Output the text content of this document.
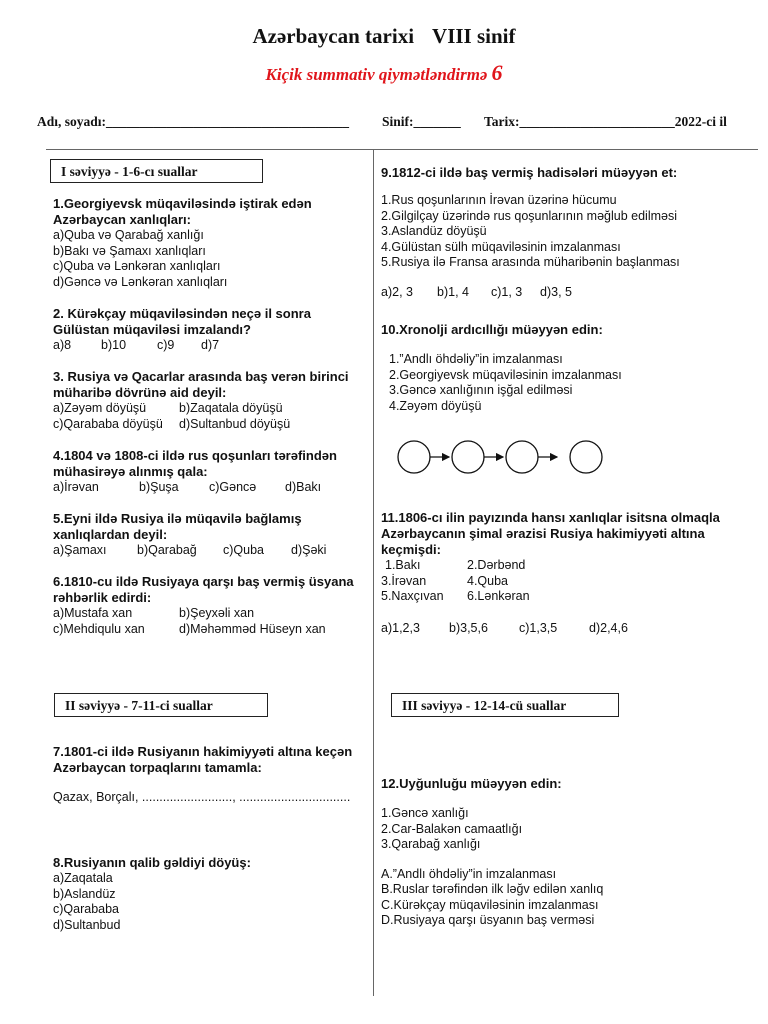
Azərbaycan tarixi VIII sinif
Kiçik summativ qiymətləndirmə 6
Adı, soyadı:____________________________________ Sinif:_______ Tarix:_______________________2022-ci il
I səviyyə - 1-6-cı suallar
II səviyyə - 7-11-ci suallar	III səviyyə - 12-14-cü suallar
1.Georgiyevsk müqaviləsində iştirak edən Azərbaycan xanlıqları:
a)Quba və Qarabağ xanlığı
b)Bakı və Şamaxı xanlıqları
c)Quba və Lənkəran xanlıqları
d)Gəncə və Lənkəran xanlıqları
2. Kürəkçay müqaviləsindən neçə il sonra Gülüstan müqaviləsi imzalandı?
a)8 b)10 c)9 d)7
3. Rusiya və Qacarlar arasında baş verən birinci müharibə dövrünə aid deyil:
a)Zəyəm döyüşü	b)Zaqatala döyüşü
c)Qarababa döyüşü	d)Sultanbud döyüşü
4.1804 və 1808-ci ildə rus qoşunları tərəfindən mühasirəyə alınmış qala:
a)İrəvan	b)Şuşa c)Gəncə d)Bakı
5.Eyni ildə Rusiya ilə müqavilə bağlamış xanlıqlardan deyil:
a)Şamaxı b)Qarabağ c)Quba d)Şəki
6.1810-cu ildə Rusiyaya qarşı baş vermiş üsyana rəhbərlik edirdi:
a)Mustafa xan	b)Şeyxəli xan
c)Mehdiqulu xan	d)Məhəmməd Hüseyn xan
7.1801-ci ildə Rusiyanın hakimiyyəti altına keçən Azərbaycan torpaqlarını tamamla:
Qazax, Borçalı, .........................., ................................
8.Rusiyanın qalib gəldiyi döyüş:
a)Zaqatala
b)Aslandüz
c)Qarababa
d)Sultanbud
9.1812-ci ildə baş vermiş hadisələri müəyyən et:
1.Rus qoşunlarının İrəvan üzərinə hücumu
2.Gilgilçay üzərində rus qoşunlarının məğlub edilməsi
3.Aslandüz döyüşü
4.Gülüstan sülh müqaviləsinin imzalanması
5.Rusiya ilə Fransa arasında müharibənin başlanması
a)2, 3 b)1, 4 c)1, 3 d)3, 5
10.Xronolji ardıcıllığı müəyyən edin:
1.”Andlı öhdəliy”in imzalanması
2.Georgiyevsk müqaviləsinin imzalanması
3.Gəncə xanlığının işğal edilməsi
4.Zəyəm döyüşü
11.1806-cı ilin payızında hansı xanlıqlar isitsna olmaqla Azərbaycanın şimal ərazisi Rusiya hakimiyyəti altına keçmişdi:
1.Bakı	2.Dərbənd
3.İrəvan	4.Quba
5.Naxçıvan	6.Lənkəran
a)1,2,3 b)3,5,6 c)1,3,5	d)2,4,6
12.Uyğunluğu müəyyən edin:
1.Gəncə xanlığı
2.Car-Balakən camaatlığı
3.Qarabağ xanlığı
A.”Andlı öhdəliy”in imzalanması
B.Ruslar tərəfindən ilk ləğv edilən xanlıq
C.Kürəkçay müqaviləsinin imzalanması
D.Rusiyaya qarşı üsyanın baş verməsi
